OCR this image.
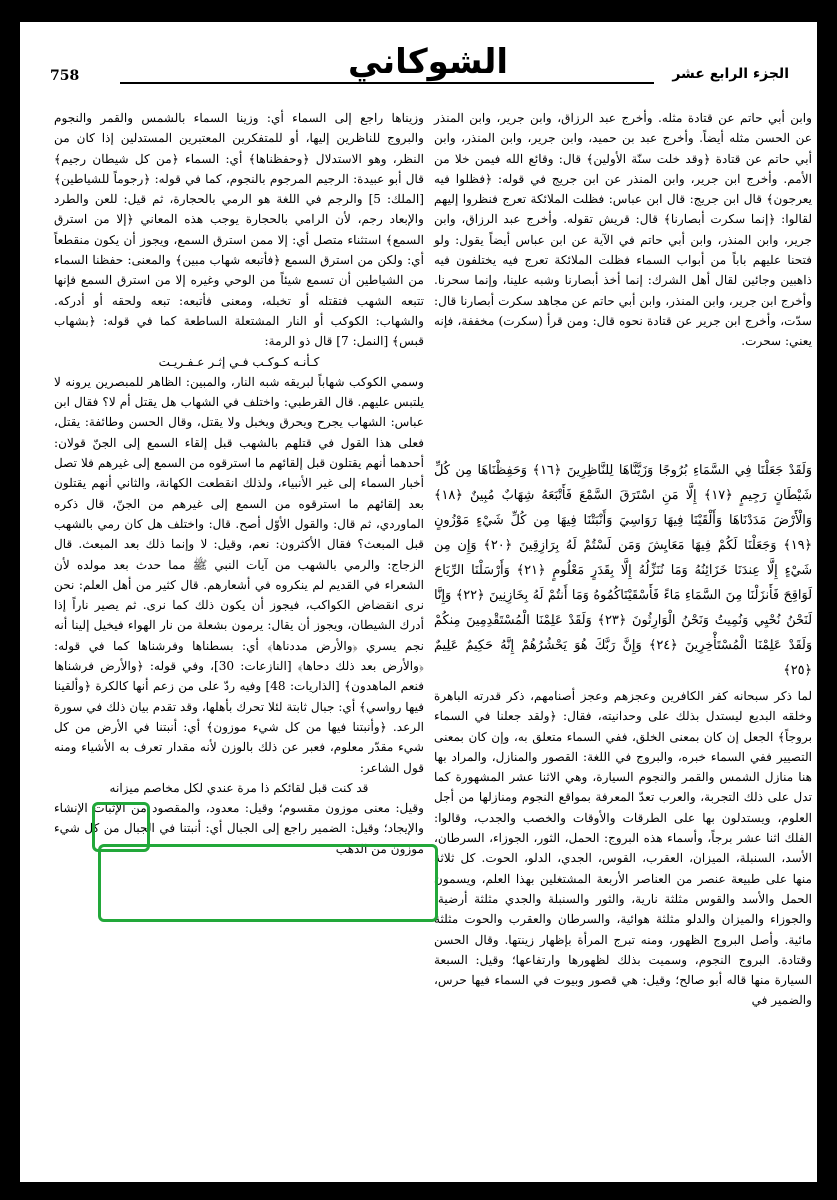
758	الجزء الرابع عشر
الشوكاني

وابن أبي حاتم عن قتادة مثله. وأخرج عبد الرزاق، وابن جرير، وابن المنذر عن الحسن مثله أيضاً. وأخرج عبد بن حميد، وابن جرير، وابن المنذر، وابن أبي حاتم عن قتادة ﴿وقد خلت سنّة الأولين﴾ قال: وقائع الله فيمن خلا من الأمم. وأخرج ابن جرير، وابن المنذر عن ابن جريج في قوله: ﴿فظلوا فيه يعرجون﴾ قال ابن جريج: قال ابن عباس: فظلت الملائكة تعرج فنظروا إليهم لقالوا: ﴿إنما سكرت أبصارنا﴾ قال: قريش تقوله. وأخرج عبد الرزاق، وابن جرير، وابن المنذر، وابن أبي حاتم في الآية عن ابن عباس أيضاً يقول: ولو فتحنا عليهم باباً من أبواب السماء فظلت الملائكة تعرج فيه يختلفون فيه ذاهبين وجائين لقال أهل الشرك: إنما أخذ أبصارنا وشبه علينا، وإنما سحرنا. وأخرج ابن جرير، وابن المنذر، وابن أبي حاتم عن مجاهد سكرت أبصارنا قال: سدّت، وأخرج ابن جرير عن قتادة نحوه قال: ومن قرأ (سكرت) مخففة، فإنه يعني: سحرت.

وَلَقَدْ جَعَلْنَا فِي السَّمَاءِ بُرُوجًا وَزَيَّنَّاهَا لِلنَّاظِرِينَ ﴿١٦﴾ وَحَفِظْنَاهَا مِن كُلِّ شَيْطَانٍ رَجِيمٍ ﴿١٧﴾ إِلَّا مَنِ اسْتَرَقَ السَّمْعَ فَأَتْبَعَهُ شِهَابٌ مُبِينٌ ﴿١٨﴾ وَالْأَرْضَ مَدَدْنَاهَا وَأَلْقَيْنَا فِيهَا رَوَاسِيَ وَأَنْبَتْنَا فِيهَا مِن كُلِّ شَيْءٍ مَوْزُونٍ ﴿١٩﴾ وَجَعَلْنَا لَكُمْ فِيهَا مَعَايِشَ وَمَن لَسْتُمْ لَهُ بِرَازِقِينَ ﴿٢٠﴾ وَإِن مِن شَيْءٍ إِلَّا عِندَنَا خَزَائِنُهُ وَمَا نُنَزِّلُهُ إِلَّا بِقَدَرٍ مَعْلُومٍ ﴿٢١﴾ وَأَرْسَلْنَا الرِّيَاحَ لَوَاقِحَ فَأَنزَلْنَا مِنَ السَّمَاءِ مَاءً فَأَسْقَيْنَاكُمُوهُ وَمَا أَنتُمْ لَهُ بِخَازِنِينَ ﴿٢٢﴾ وَإِنَّا لَنَحْنُ نُحْيِي وَنُمِيتُ وَنَحْنُ الْوَارِثُونَ ﴿٢٣﴾ وَلَقَدْ عَلِمْنَا الْمُسْتَقْدِمِينَ مِنكُمْ وَلَقَدْ عَلِمْنَا الْمُسْتَأْخِرِينَ ﴿٢٤﴾ وَإِنَّ رَبَّكَ هُوَ يَحْشُرُهُمْ إِنَّهُ حَكِيمٌ عَلِيمٌ ﴿٢٥﴾

لما ذكر سبحانه كفر الكافرين وعجزهم وعجز أصنامهم، ذكر قدرته الباهرة وخلقه البديع ليستدل بذلك على وحدانيته، فقال: ﴿ولقد جعلنا في السماء بروجاً﴾ الجعل إن كان بمعنى الخلق، ففي السماء متعلق به، وإن كان بمعنى التصيير ففي السماء خبره، والبروج في اللغة: القصور والمنازل، والمراد بها هنا منازل الشمس والقمر والنجوم السيارة، وهي الاثنا عشر المشهورة كما تدل على ذلك التجربة، والعرب تعدّ المعرفة بمواقع النجوم ومنازلها من أجل العلوم، ويستدلون بها على الطرقات والأوقات والخصب والجدب، وقالوا: الفلك اثنا عشر برجاً، وأسماء هذه البروج: الحمل، الثور، الجوزاء، السرطان، الأسد، السنبلة، الميزان، العقرب، القوس، الجدي، الدلو، الحوت. كل ثلاثة منها على طبيعة عنصر من العناصر الأربعة المشتغلين بهذا العلم، ويسمون الحمل والأسد والقوس مثلثة نارية، والثور والسنبلة والجدي مثلثة أرضية، والجوزاء والميزان والدلو مثلثة هوائية، والسرطان والعقرب والحوت مثلثة مائية. وأصل البروج الظهور، ومنه تبرج المرأة بإظهار زينتها. وقال الحسن وقتادة. البروج النجوم، وسميت بذلك لظهورها وارتفاعها؛ وقيل: السبعة السيارة منها قاله أبو صالح؛ وقيل: هي قصور وبيوت في السماء فيها حرس، والضمير في

وزيناها راجع إلى السماء أي: وزينا السماء بالشمس والقمر والنجوم والبروج للناظرين إليها، أو للمتفكرين المعتبرين المستدلين إذا كان من النظر، وهو الاستدلال ﴿وحفظناها﴾ أي: السماء ﴿من كل شيطان رجيم﴾ قال أبو عبيدة: الرجيم المرجوم بالنجوم، كما في قوله: ﴿رجوماً للشياطين﴾ [الملك: 5] والرجم في اللغة هو الرمي بالحجارة، ثم قيل: للعن والطرد والإبعاد رجم، لأن الرامي بالحجارة يوجب هذه المعاني ﴿إلا من استرق السمع﴾ استثناء متصل أي: إلا ممن استرق السمع، ويجوز أن يكون منقطعاً أي: ولكن من استرق السمع ﴿فأتبعه شهاب مبين﴾ والمعنى: حفظنا السماء من الشياطين أن تسمع شيئاً من الوحي وغيره إلا من استرق السمع فإنها تتبعه الشهب فتقتله أو تخبله، ومعنى فأتبعه: تبعه ولحقه أو أدركه. والشهاب: الكوكب أو النار المشتعلة الساطعة كما في قوله: ﴿بشهاب قبس﴾ [النمل: 7] قال ذو الرمة:

كـأنـه كـوكـب فـي إثـر عـفـريـت

وسمي الكوكب شهاباً لبريقه شبه النار، والمبين: الظاهر للمبصرين يرونه لا يلتبس عليهم. قال القرطبي: واختلف في الشهاب هل يقتل أم لا؟ فقال ابن عباس: الشهاب يجرح ويحرق ويخبل ولا يقتل، وقال الحسن وطائفة: يقتل، فعلى هذا القول في قتلهم بالشهب قبل إلقاء السمع إلى الجنّ قولان: أحدهما أنهم يقتلون قبل إلقائهم ما استرقوه من السمع إلى غيرهم فلا تصل أخبار السماء إلى غير الأنبياء، ولذلك انقطعت الكهانة، والثاني أنهم يقتلون بعد إلقائهم ما استرقوه من السمع إلى غيرهم من الجنّ، قال ذكره الماوردي، ثم قال: والقول الأوّل أصح. قال: واختلف هل كان رمي بالشهب قبل المبعث؟ فقال الأكثرون: نعم، وقيل: لا وإنما ذلك بعد المبعث. قال الزجاج: والرمي بالشهب من آيات النبي ﷺ مما حدث بعد مولده لأن الشعراء في القديم لم ينكروه في أشعارهم. قال كثير من أهل العلم: نحن نرى انقضاض الكواكب، فيجوز أن يكون ذلك كما نرى. ثم يصير ناراً إذا أدرك الشيطان، ويجوز أن يقال: يرمون بشعلة من نار الهواء فيخيل إلينا أنه نجم يسري ﴿والأرض مددناها﴾ أي: بسطناها وفرشناها كما في قوله: ﴿والأرض بعد ذلك دحاها﴾ [النازعات: 30]، وفي قوله: ﴿والأرض فرشناها فنعم الماهدون﴾ [الذاريات: 48] وفيه ردّ على من زعم أنها كالكرة ﴿وألقينا فيها رواسي﴾ أي: جبال ثابتة لئلا تحرك بأهلها، وقد تقدم بيان ذلك في سورة الرعد. ﴿وأنبتنا فيها من كل شيء موزون﴾ أي: أنبتنا في الأرض من كل شيء مقدّر معلوم، فعبر عن ذلك بالوزن لأنه مقدار تعرف به الأشياء ومنه قول الشاعر:

قد كنت قبل لقائكم ذا مرة عندي لكل مخاصم ميزانه

وقيل: معنى موزون مقسوم؛ وقيل: معدود، والمقصود من الإثبات الإنشاء والإيجاد؛ وقيل: الضمير راجع إلى الجبال أي: أنبتنا في الجبال من كل شيء موزون من الذهب
